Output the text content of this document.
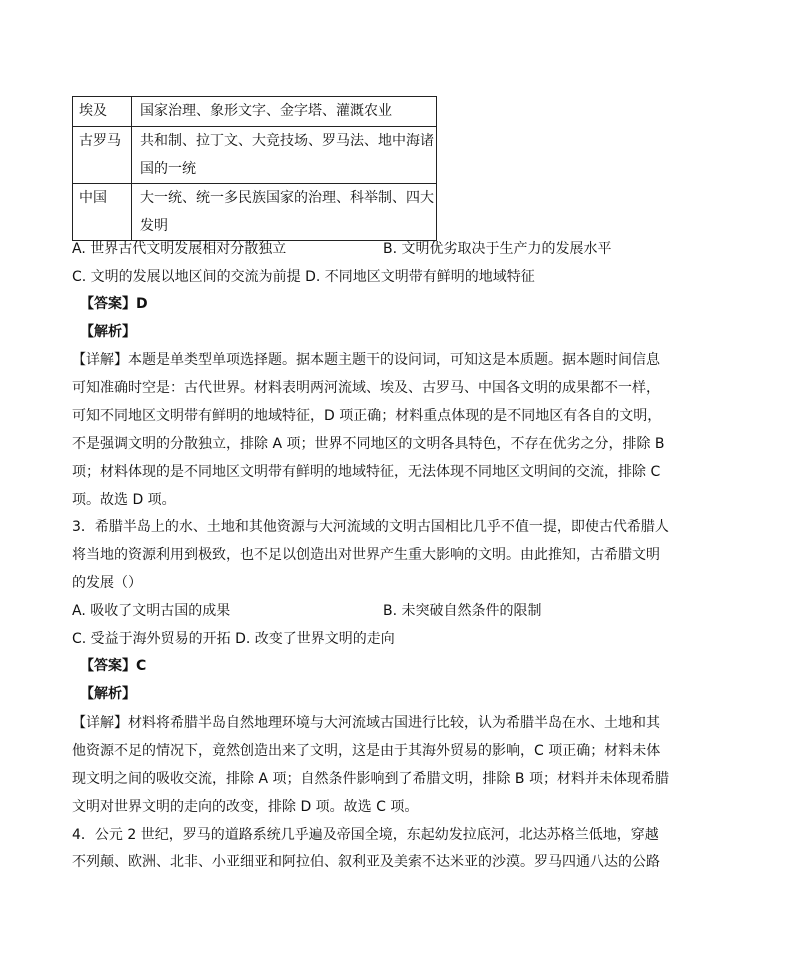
埃及	国家治理、象形文字、金字塔、灌溉农业

古罗马	共和制、拉丁文、大竞技场、罗马法、地中海诸
国的一统

中国	大一统、统一多民族国家的治理、科举制、四大
发明
A. 世界古代文明发展相对分散独立	B. 文明优劣取决于生产力的发展水平
C. 文明的发展以地区间的交流为前提 D. 不同地区文明带有鲜明的地域特征
【答案】D
【解析】
【详解】本题是单类型单项选择题。据本题主题干的设问词，可知这是本质题。据本题时间信息
可知准确时空是：古代世界。材料表明两河流域、埃及、古罗马、中国各文明的成果都不一样，
可知不同地区文明带有鲜明的地域特征，D 项正确；材料重点体现的是不同地区有各自的文明，
不是强调文明的分散独立，排除 A 项；世界不同地区的文明各具特色，不存在优劣之分，排除 B
项；材料体现的是不同地区文明带有鲜明的地域特征，无法体现不同地区文明间的交流，排除 C
项。故选 D 项。
3．希腊半岛上的水、土地和其他资源与大河流域的文明古国相比几乎不值一提，即使古代希腊人
将当地的资源利用到极致，也不足以创造出对世界产生重大影响的文明。由此推知，古希腊文明
的发展（）
A. 吸收了文明古国的成果	B. 未突破自然条件的限制
C. 受益于海外贸易的开拓 D. 改变了世界文明的走向
【答案】C
【解析】
【详解】材料将希腊半岛自然地理环境与大河流域古国进行比较，认为希腊半岛在水、土地和其
他资源不足的情况下，竟然创造出来了文明，这是由于其海外贸易的影响，C 项正确；材料未体
现文明之间的吸收交流，排除 A 项；自然条件影响到了希腊文明，排除 B 项；材料并未体现希腊
文明对世界文明的走向的改变，排除 D 项。故选 C 项。
4．公元 2 世纪，罗马的道路系统几乎遍及帝国全境，东起幼发拉底河，北达苏格兰低地，穿越
不列颠、欧洲、北非、小亚细亚和阿拉伯、叙利亚及美索不达米亚的沙漠。罗马四通八达的公路
